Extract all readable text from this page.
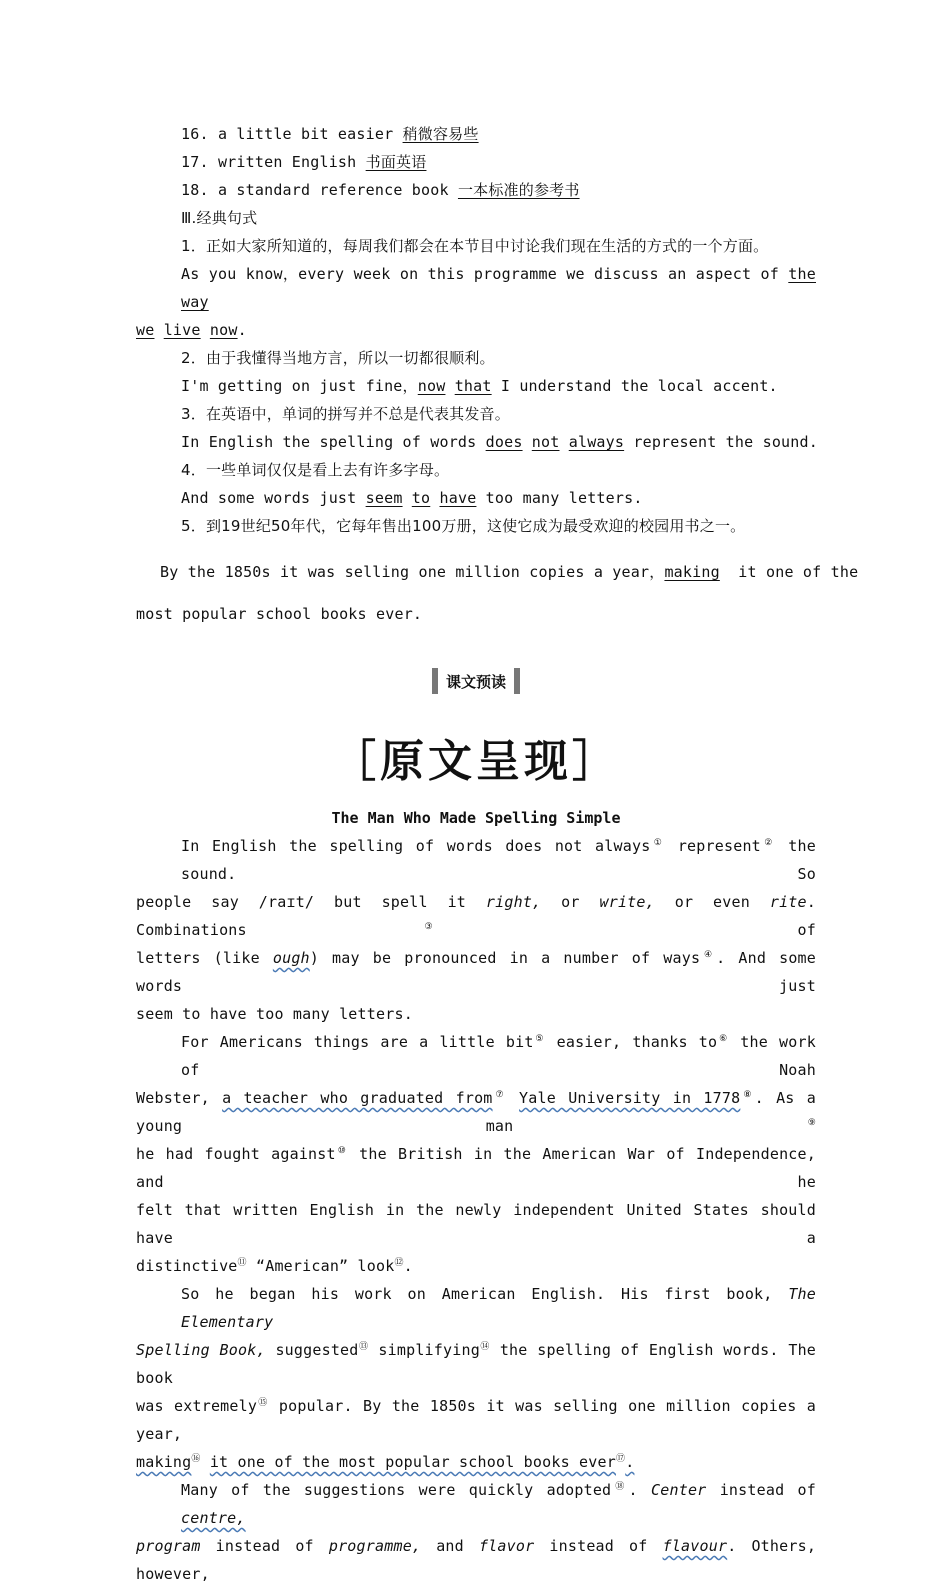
16. a little bit easier 稍微容易些
17. written English 书面英语
18. a standard reference book 一本标准的参考书
Ⅲ.经典句式
1．正如大家所知道的，每周我们都会在本节目中讨论我们现在生活的方式的一个方面。
As you know，every week on this programme we discuss an aspect of the way
we live now.
2．由于我懂得当地方言，所以一切都很顺利。
I'm getting on just fine，now that I understand the local accent.
3．在英语中，单词的拼写并不总是代表其发音。
In English the spelling of words does not always represent the sound.
4．一些单词仅仅是看上去有许多字母。
And some words just seem to have too many letters.
5．到19世纪50年代，它每年售出100万册，这使它成为最受欢迎的校园用书之一。
By the 1850s it was selling one million copies a year，making it one of the
most popular school books ever.
课文预读
［原文呈现］
The Man Who Made Spelling Simple
In English the spelling of words does not always① represent② the sound. So
people say /raɪt/ but spell it right, or write, or even rite. Combinations③	of
letters (like ough) may be pronounced in a number of ways④. And some words just
seem to have too many letters.
For Americans things are a little bit⑤ easier, thanks to⑥ the work of Noah
Webster, a teacher who graduated from⑦ Yale University in 1778⑧. As a young man⑨
he had fought against⑩ the British in the American War of Independence, and he
felt that written English in the newly independent United States should have a
distinctive⑪ “American” look⑫.
So he began his work on American English. His first book, The Elementary
Spelling Book, suggested⑬ simplifying⑭ the spelling of English words. The book
was extremely⑮ popular. By the 1850s it was selling one million copies a year,
making⑯ it one of the most popular school books ever⑰.
Many of the suggestions were quickly adopted⑱. Center instead of centre,
program instead of programme, and flavor instead of flavour. Others, however,
